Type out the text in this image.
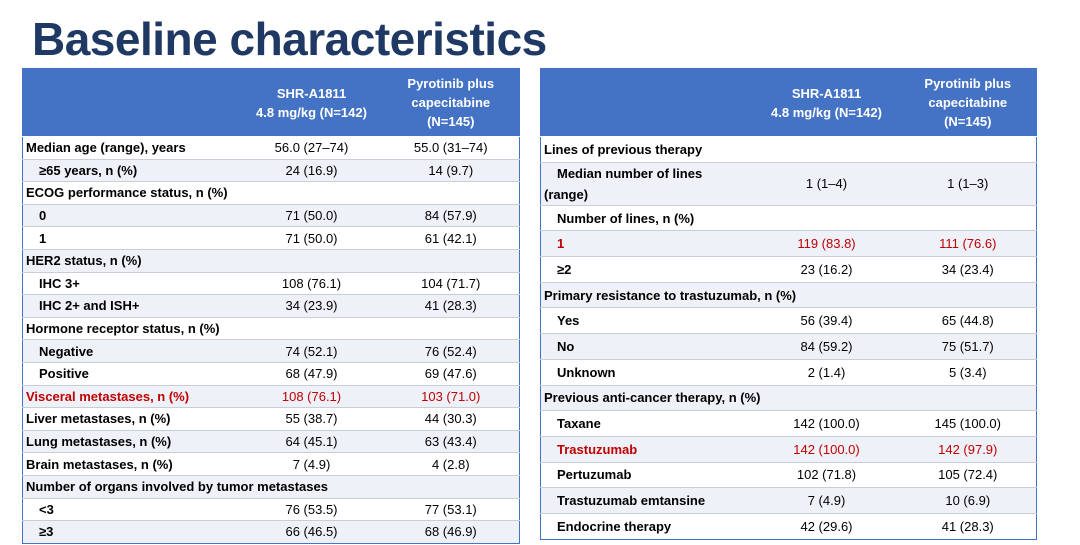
Baseline characteristics
	SHR-A1811
4.8 mg/kg (N=142)	Pyrotinib plus
capecitabine
(N=145)
Median age (range), years	56.0 (27–74)	55.0 (31–74)
≥65 years, n (%)	24 (16.9)	14 (9.7)
ECOG performance status, n (%)		
0	71 (50.0)	84 (57.9)
1	71 (50.0)	61 (42.1)
HER2 status, n (%)		
IHC 3+	108 (76.1)	104 (71.7)
IHC 2+ and ISH+	34 (23.9)	41 (28.3)
Hormone receptor status, n (%)		
Negative	74 (52.1)	76 (52.4)
Positive	68 (47.9)	69 (47.6)
Visceral metastases, n (%)	108 (76.1)	103 (71.0)
Liver metastases, n (%)	55 (38.7)	44 (30.3)
Lung metastases, n (%)	64 (45.1)	63 (43.4)
Brain metastases, n (%)	7 (4.9)	4 (2.8)
Number of organs involved by tumor metastases		
<3	76 (53.5)	77 (53.1)
≥3	66 (46.5)	68 (46.9)
	SHR-A1811
4.8 mg/kg (N=142)	Pyrotinib plus
capecitabine
(N=145)
Lines of previous therapy		
Median number of lines
(range)	1 (1–4)	1 (1–3)
Number of lines, n (%)		
1	119 (83.8)	111 (76.6)
≥2	23 (16.2)	34 (23.4)
Primary resistance to trastuzumab, n (%)		
Yes	56 (39.4)	65 (44.8)
No	84 (59.2)	75 (51.7)
Unknown	2 (1.4)	5 (3.4)
Previous anti-cancer therapy, n (%)		
Taxane	142 (100.0)	145 (100.0)
Trastuzumab	142 (100.0)	142 (97.9)
Pertuzumab	102 (71.8)	105 (72.4)
Trastuzumab emtansine	7 (4.9)	10 (6.9)
Endocrine therapy	42 (29.6)	41 (28.3)
